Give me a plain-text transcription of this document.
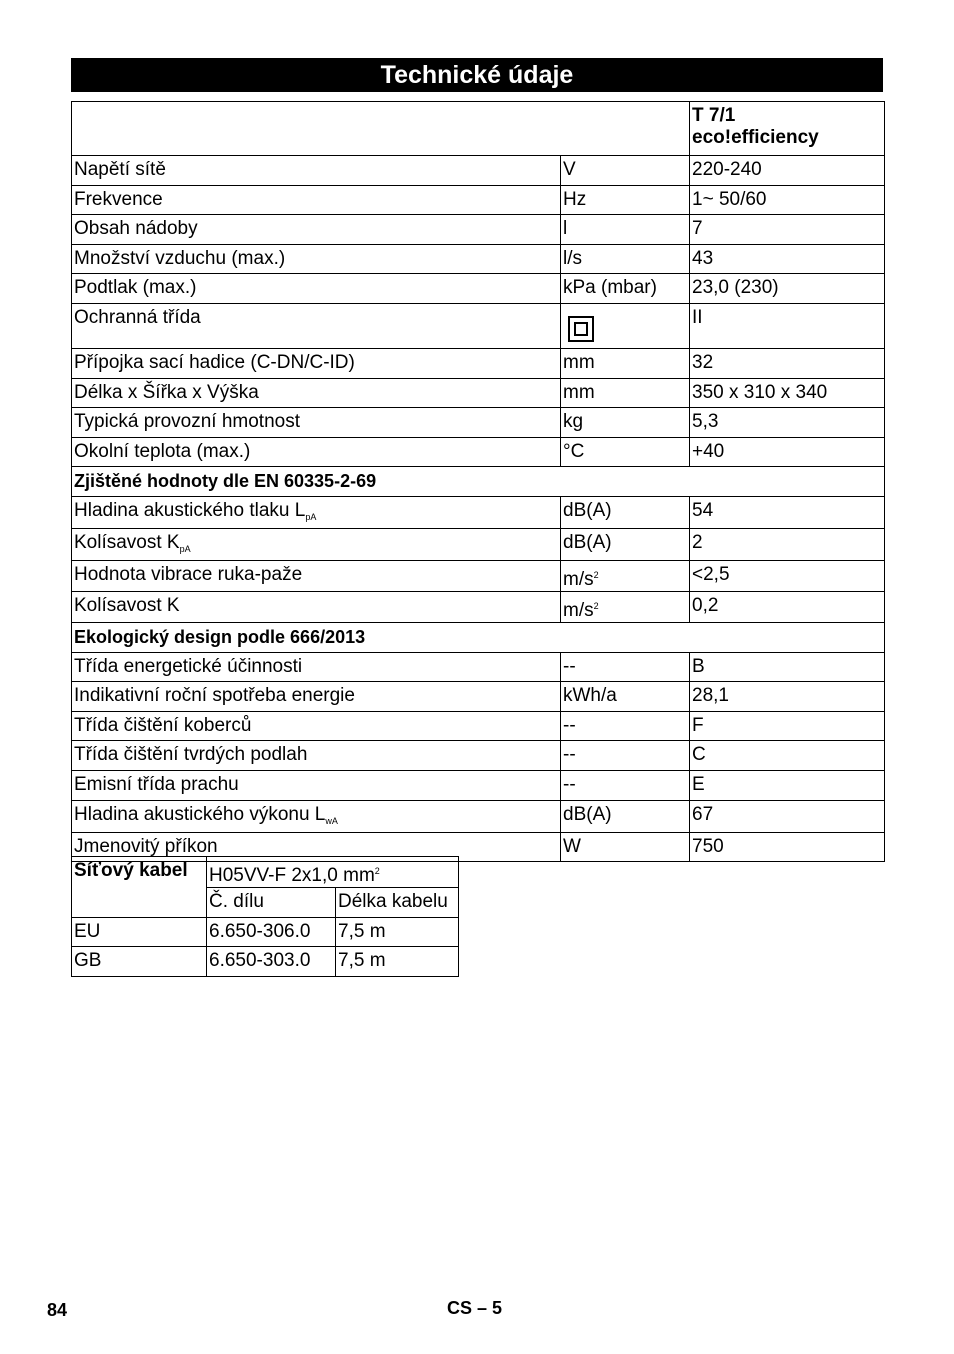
Technické údaje

		T 7/1
eco!efficiency

Napětí sítě	V	220-240
Frekvence	Hz	1~ 50/60
Obsah nádoby	l	7
Množství vzduchu (max.)	l/s	43
Podtlak (max.)	kPa (mbar)	23,0 (230)
Ochranná třída		II
Přípojka sací hadice (C-DN/C-ID)	mm	32
Délka x Šířka x Výška	mm	350 x 310 x 340
Typická provozní hmotnost	kg	5,3
Okolní teplota (max.)	°C	+40
Zjištěné hodnoty dle EN 60335-2-69		
Hladina akustického tlaku $L_{pA}$	dB(A)	54
Kolísavost $K_{pA}$	dB(A)	2
Hodnota vibrace ruka-paže	$m/s^2$	<2,5
Kolísavost K	$m/s^2$	0,2
Ekologický design podle 666/2013		
Třída energetické účinnosti	--	B
Indikativní roční spotřeba energie	kWh/a	28,1
Třída čištění koberců	--	F
Třída čištění tvrdých podlah	--	C
Emisní třída prachu	--	E
Hladina akustického výkonu $L_{wA}$	dB(A)	67
Jmenovitý příkon	W	750
Síťový kabel	H05VV-F 2x1,0 $mm^2$
	Č. dílu	Délka kabelu
EU	6.650-306.0	7,5 m
GB	6.650-303.0	7,5 m
84	CS – 5
